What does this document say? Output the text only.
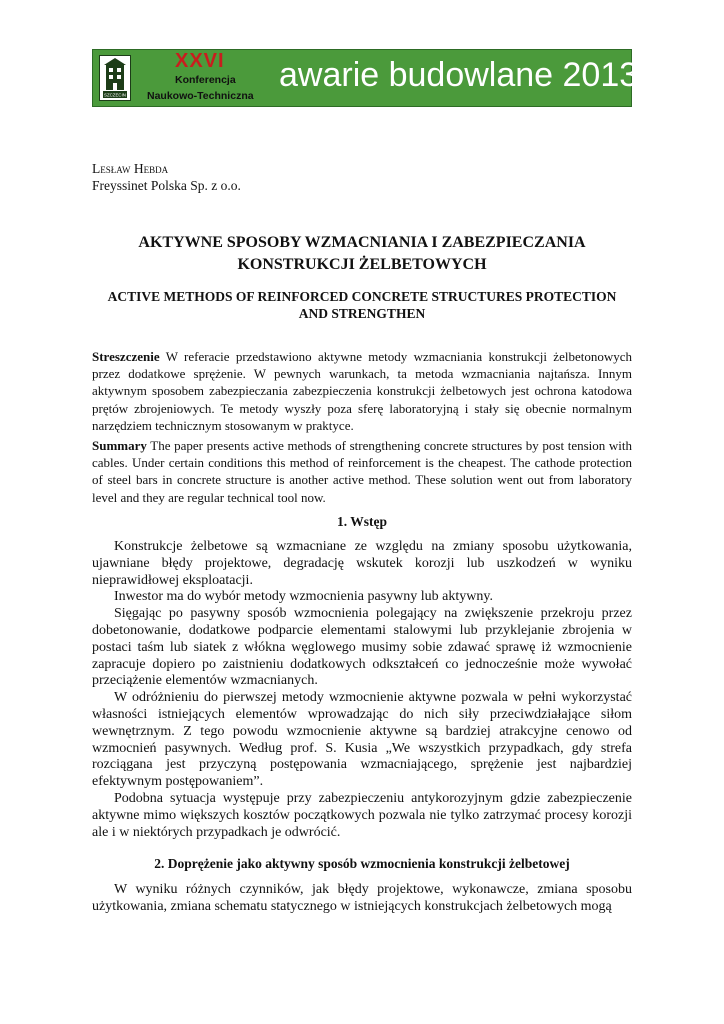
SZCZECIN
XXVI
Konferencja
Naukowo-Techniczna
awarie budowlane 2013
Lesław Hebda
Freyssinet Polska Sp. z o.o.
AKTYWNE SPOSOBY WZMACNIANIA I ZABEZPIECZANIA KONSTRUKCJI ŻELBETOWYCH
ACTIVE METHODS OF REINFORCED CONCRETE STRUCTURES PROTECTION AND STRENGTHEN
Streszczenie W referacie przedstawiono aktywne metody wzmacniania konstrukcji żelbetonowych przez dodatkowe sprężenie. W pewnych warunkach, ta metoda wzmacniania najtańsza. Innym aktywnym sposobem zabezpieczania zabezpieczenia konstrukcji żelbetowych jest ochrona katodowa prętów zbrojeniowych. Te metody wyszły poza sferę laboratoryjną i stały się obecnie normalnym narzędziem technicznym stosowanym w praktyce.
Summary The paper presents active methods of strengthening concrete structures by post tension with cables. Under certain conditions this method of reinforcement is the cheapest. The cathode protection of steel bars in concrete structure is another active method. These solution went out from laboratory level and they are regular technical tool now.
1. Wstęp

Konstrukcje żelbetowe są wzmacniane ze względu na zmiany sposobu użytkowania, ujawniane błędy projektowe, degradację wskutek korozji lub uszkodzeń w wyniku nieprawidłowej eksploatacji.

Inwestor ma do wybór metody wzmocnienia pasywny lub aktywny.

Sięgając po pasywny sposób wzmocnienia polegający na zwiększenie przekroju przez dobetonowanie, dodatkowe podparcie elementami stalowymi lub przyklejanie zbrojenia w postaci taśm lub siatek z włókna węglowego musimy sobie zdawać sprawę iż wzmocnienie zapracuje dopiero po zaistnieniu dodatkowych odkształceń co jednocześnie może wywołać przeciążenie elementów wzmacnianych.

W odróżnieniu do pierwszej metody wzmocnienie aktywne pozwala w pełni wykorzystać własności istniejących elementów wprowadzając do nich siły przeciwdziałające siłom wewnętrznym. Z tego powodu wzmocnienie aktywne są bardziej atrakcyjne cenowo od wzmocnień pasywnych. Według prof. S. Kusia „We wszystkich przypadkach, gdy strefa rozciągana jest przyczyną postępowania wzmacniającego, sprężenie jest najbardziej efektywnym postępowaniem”.

Podobna sytuacja występuje przy zabezpieczeniu antykorozyjnym gdzie zabezpieczenie aktywne mimo większych kosztów początkowych pozwala nie tylko zatrzymać procesy korozji ale i w niektórych przypadkach je odwrócić.

2. Doprężenie jako aktywny sposób wzmocnienia konstrukcji żelbetowej

W wyniku różnych czynników, jak błędy projektowe, wykonawcze, zmiana sposobu użytkowania, zmiana schematu statycznego w istniejących konstrukcjach żelbetowych mogą
